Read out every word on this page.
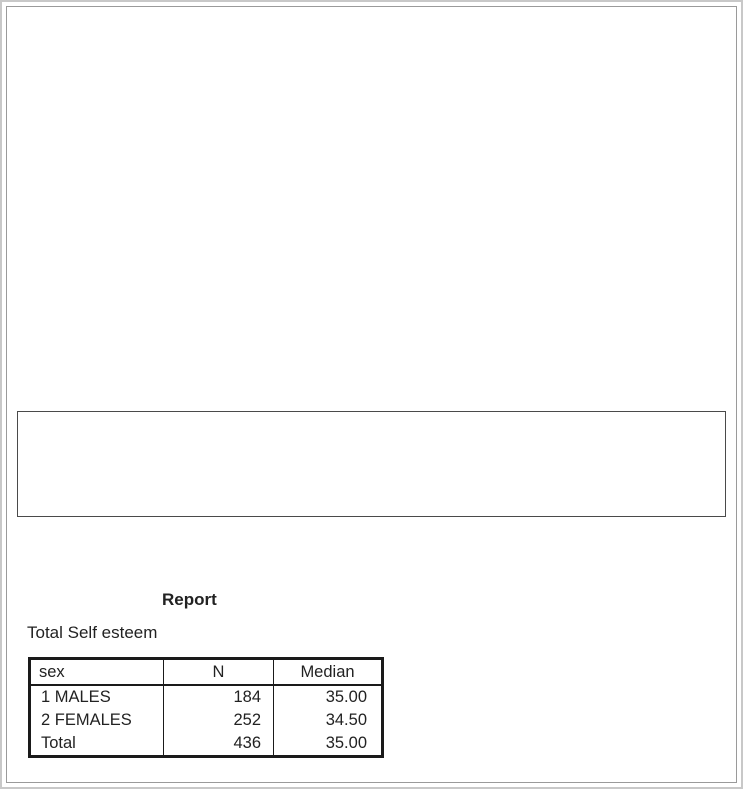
Report
Total Self esteem
sex	N	Median
1 MALES	184	35.00
2 FEMALES	252	34.50
Total	436	35.00
